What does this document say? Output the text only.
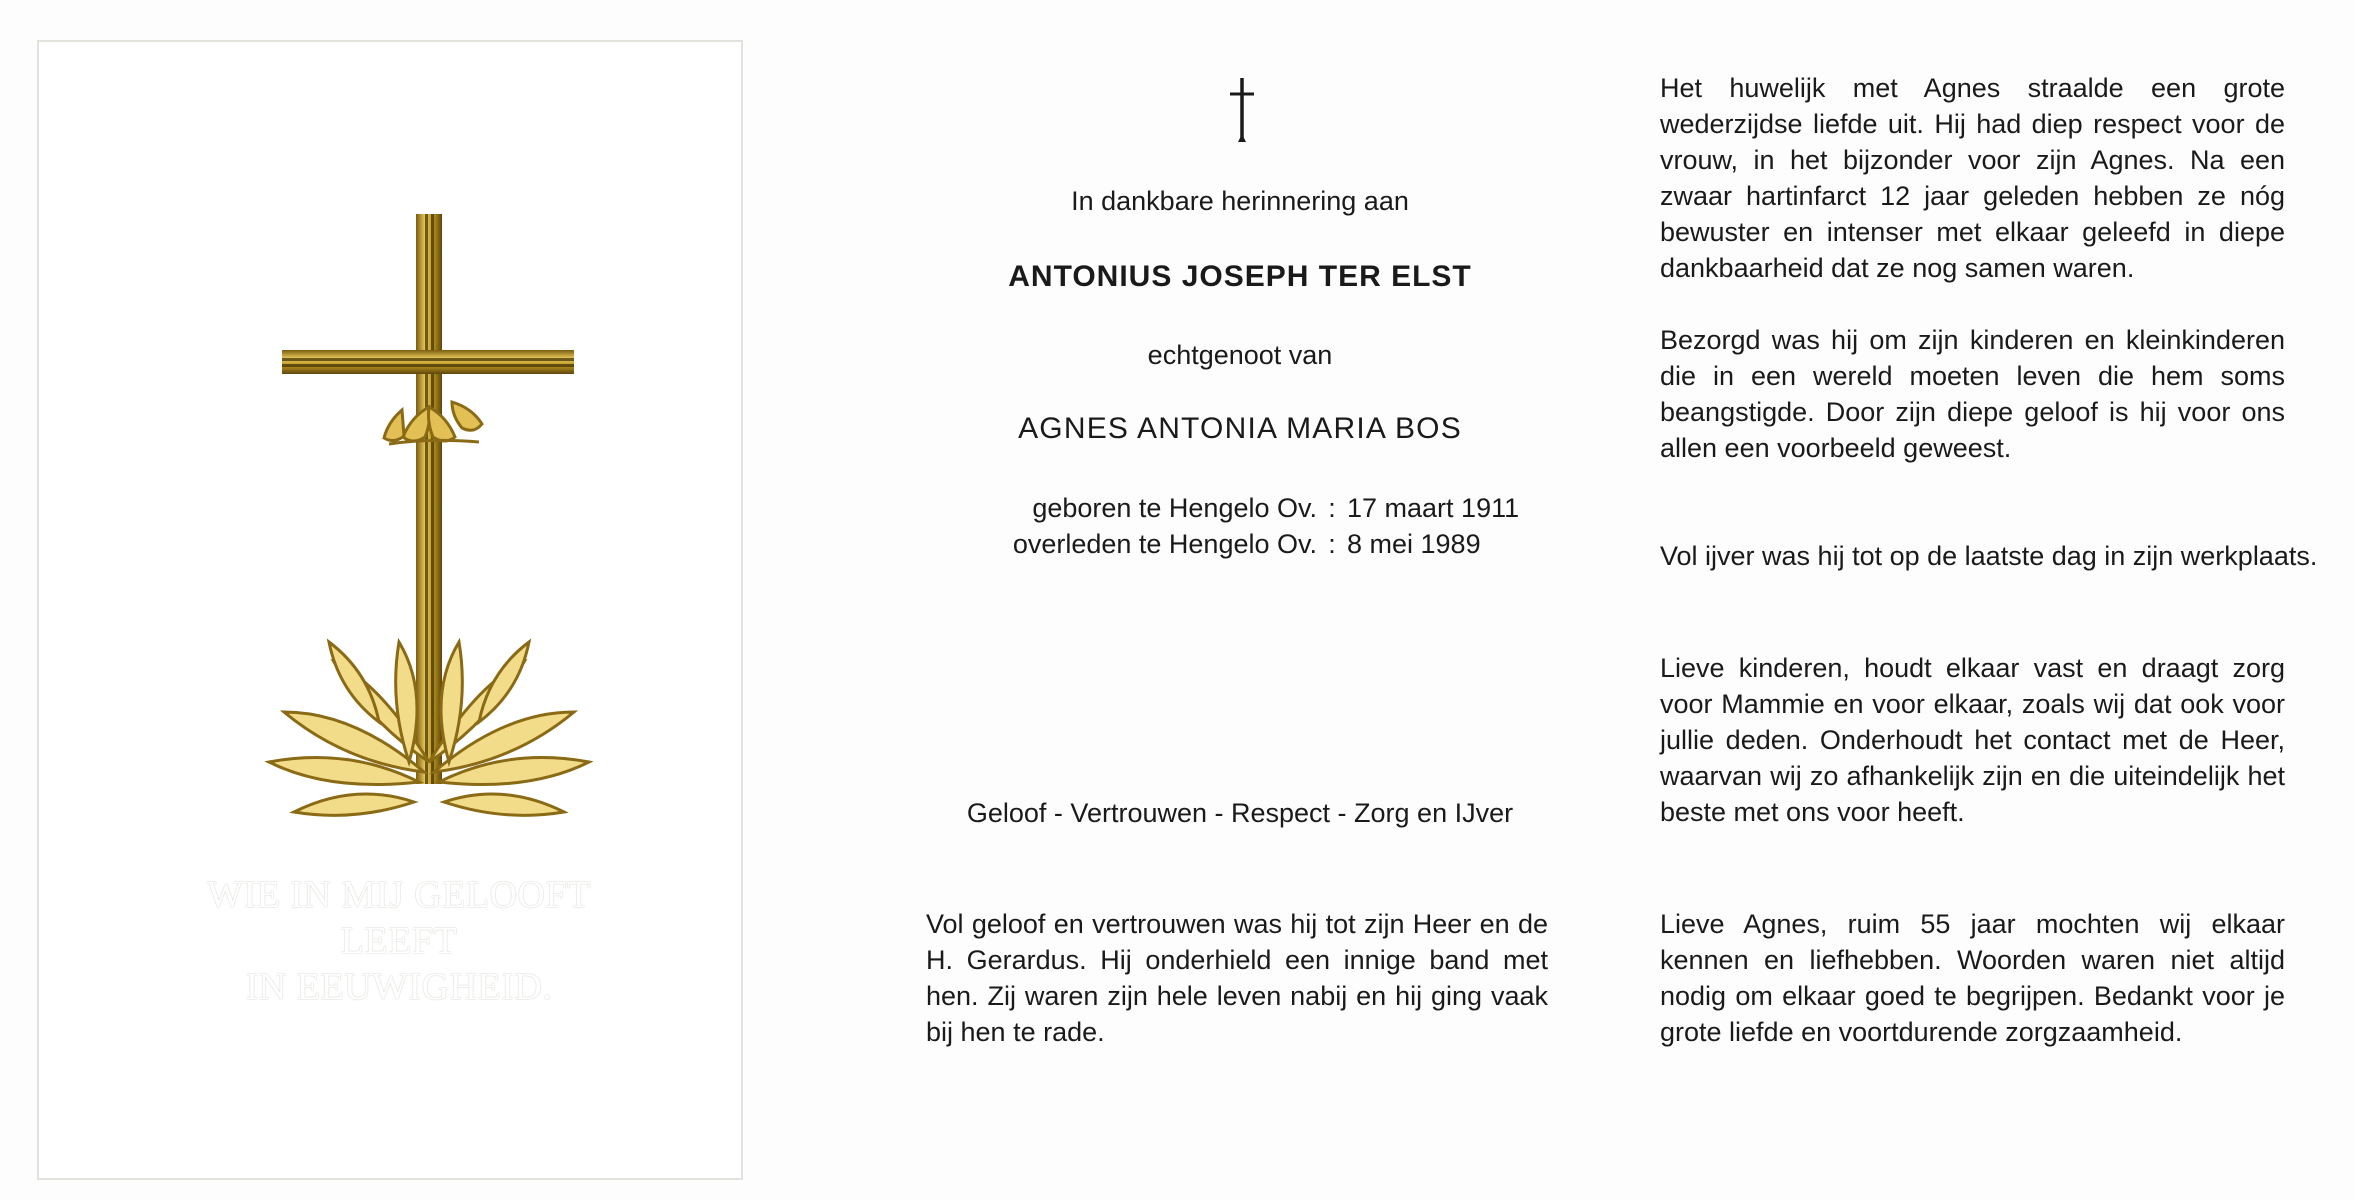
WIE IN MIJ GELOOFT
LEEFT
IN EEUWIGHEID.
In dankbare herinnering aan
ANTONIUS JOSEPH TER ELST
echtgenoot van
AGNES ANTONIA MARIA BOS
geboren te Hengelo Ov. : 17 maart 1911
overleden te Hengelo Ov. : 8 mei 1989
Geloof - Vertrouwen - Respect - Zorg en IJver
Vol geloof en vertrouwen was hij tot zijn Heer en de H. Gerardus. Hij onderhield een innige band met hen. Zij waren zijn hele leven nabij en hij ging vaak bij hen te rade.
Het huwelijk met Agnes straalde een grote wederzijdse liefde uit. Hij had diep respect voor de vrouw, in het bijzonder voor zijn Agnes. Na een zwaar hartinfarct 12 jaar geleden hebben ze nóg bewuster en intenser met elkaar geleefd in diepe dankbaarheid dat ze nog samen waren.
Bezorgd was hij om zijn kinderen en kleinkinderen die in een wereld moeten leven die hem soms beangstigde. Door zijn diepe geloof is hij voor ons allen een voorbeeld geweest.
Vol ijver was hij tot op de laatste dag in zijn werkplaats.
Lieve kinderen, houdt elkaar vast en draagt zorg voor Mammie en voor elkaar, zoals wij dat ook voor jullie deden. Onderhoudt het contact met de Heer, waarvan wij zo afhankelijk zijn en die uiteindelijk het beste met ons voor heeft.
Lieve Agnes, ruim 55 jaar mochten wij elkaar kennen en liefhebben. Woorden waren niet altijd nodig om elkaar goed te begrijpen. Bedankt voor je grote liefde en voortdurende zorgzaamheid.
